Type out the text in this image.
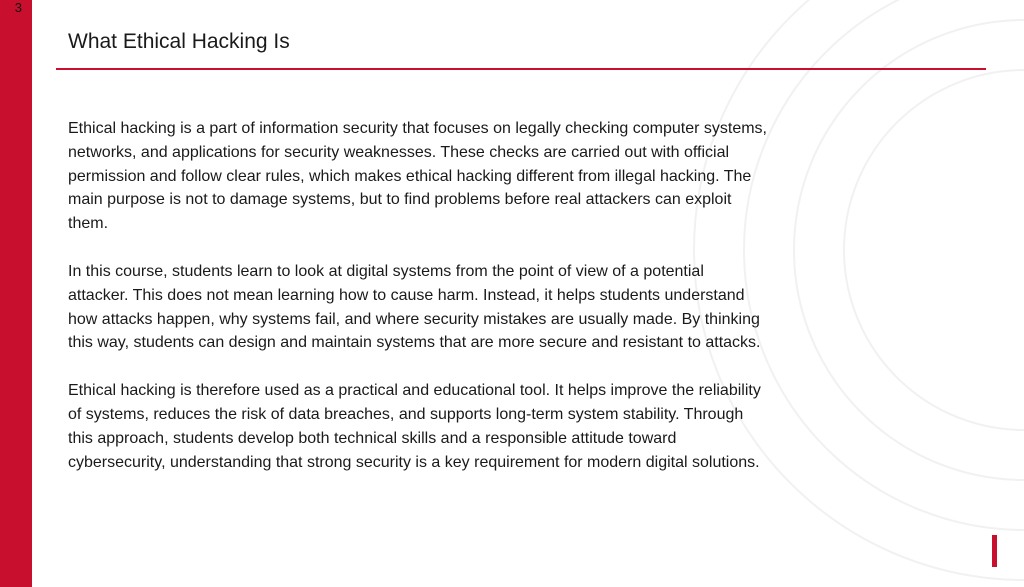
3
What Ethical Hacking Is

Ethical hacking is a part of information security that focuses on legally checking computer systems,
networks, and applications for security weaknesses. These checks are carried out with official
permission and follow clear rules, which makes ethical hacking different from illegal hacking. The
main purpose is not to damage systems, but to find problems before real attackers can exploit
them.

In this course, students learn to look at digital systems from the point of view of a potential
attacker. This does not mean learning how to cause harm. Instead, it helps students understand
how attacks happen, why systems fail, and where security mistakes are usually made. By thinking
this way, students can design and maintain systems that are more secure and resistant to attacks.

Ethical hacking is therefore used as a practical and educational tool. It helps improve the reliability
of systems, reduces the risk of data breaches, and supports long-term system stability. Through
this approach, students develop both technical skills and a responsible attitude toward
cybersecurity, understanding that strong security is a key requirement for modern digital solutions.
